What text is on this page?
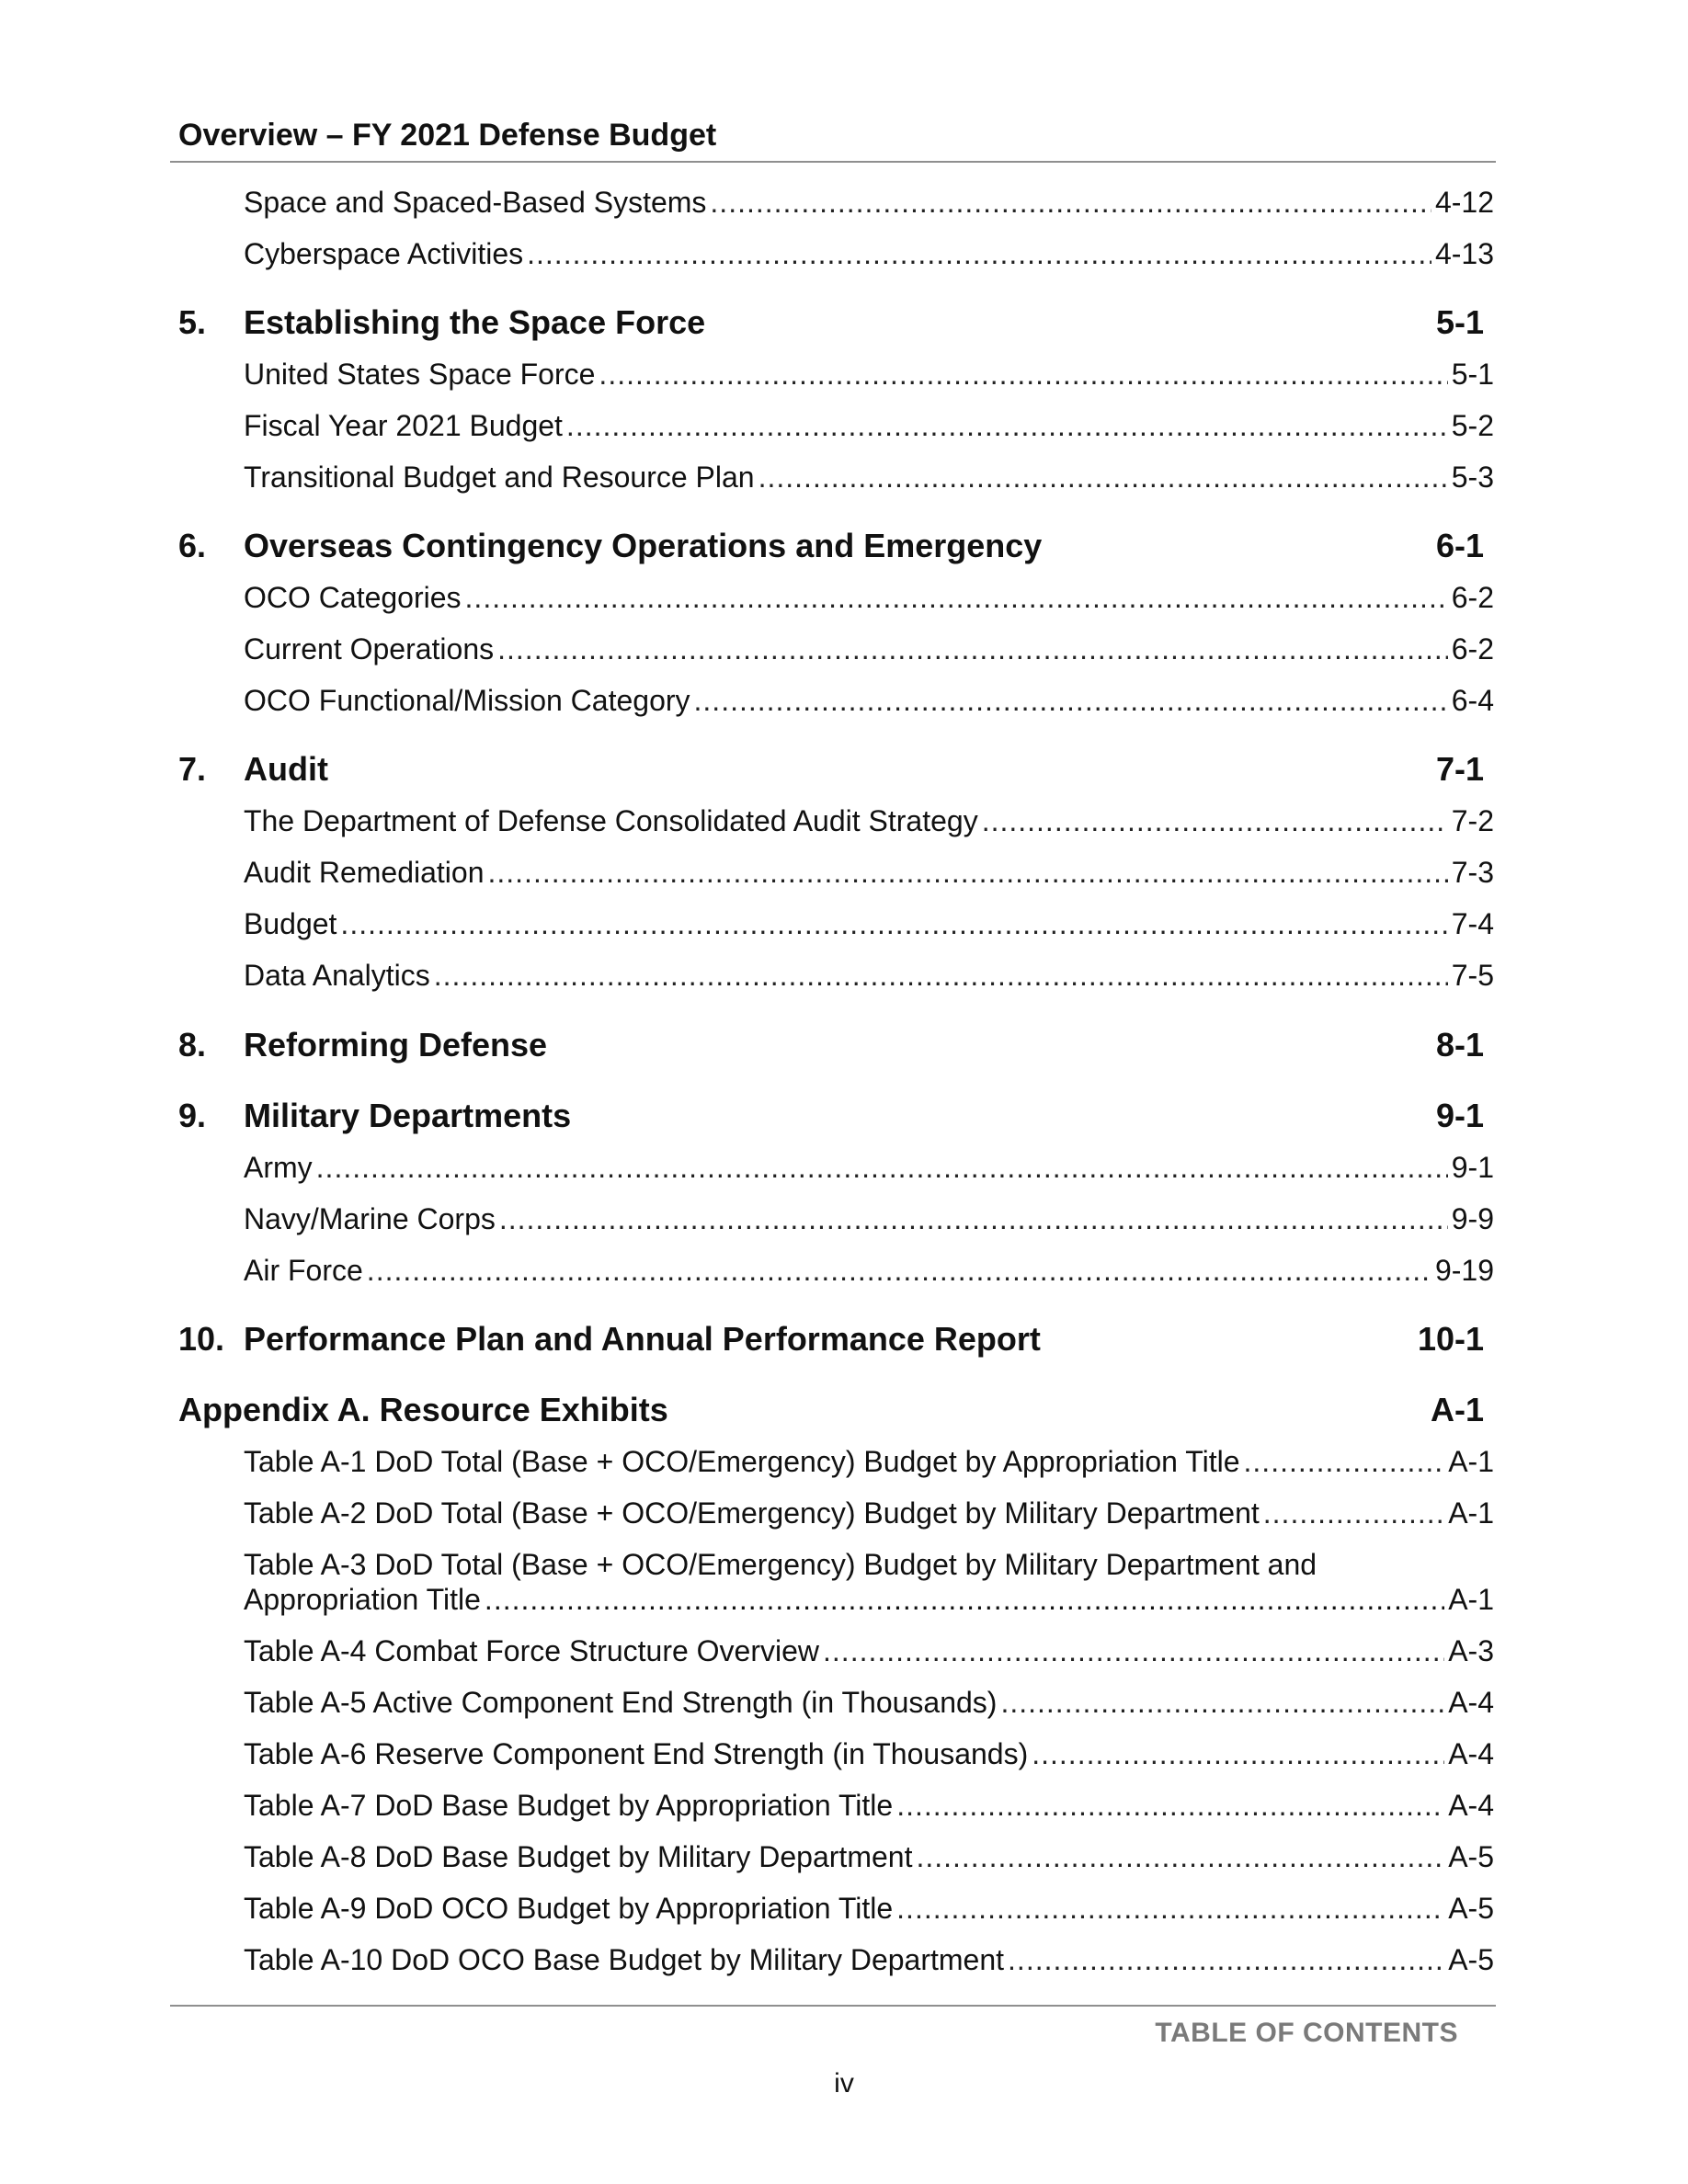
Overview – FY 2021 Defense Budget
Space and Spaced-Based Systems .....	4-12
Cyberspace Activities .....	4-13
5. Establishing the Space Force	5-1
United States Space Force .....	5-1
Fiscal Year 2021 Budget .....	5-2
Transitional Budget and Resource Plan .....	5-3
6. Overseas Contingency Operations and Emergency	6-1
OCO Categories .....	6-2
Current Operations .....	6-2
OCO Functional/Mission Category .....	6-4
7. Audit	7-1
The Department of Defense Consolidated Audit Strategy .....	7-2
Audit Remediation .....	7-3
Budget .....	7-4
Data Analytics .....	7-5
8. Reforming Defense	8-1
9. Military Departments	9-1
Army .....	9-1
Navy/Marine Corps .....	9-9
Air Force .....	9-19
10. Performance Plan and Annual Performance Report	10-1
Appendix A. Resource Exhibits	A-1
Table A-1 DoD Total (Base + OCO/Emergency) Budget by Appropriation Title .....	A-1
Table A-2 DoD Total (Base + OCO/Emergency) Budget by Military Department .....	A-1
Table A-3 DoD Total (Base + OCO/Emergency) Budget by Military Department and
Appropriation Title .....	A-1
Table A-4 Combat Force Structure Overview .....	A-3
Table A-5 Active Component End Strength (in Thousands) .....	A-4
Table A-6 Reserve Component End Strength (in Thousands) .....	A-4
Table A-7 DoD Base Budget by Appropriation Title .....	A-4
Table A-8 DoD Base Budget by Military Department .....	A-5
Table A-9 DoD OCO Budget by Appropriation Title .....	A-5
Table A-10 DoD OCO Base Budget by Military Department .....	A-5
TABLE OF CONTENTS
iv
